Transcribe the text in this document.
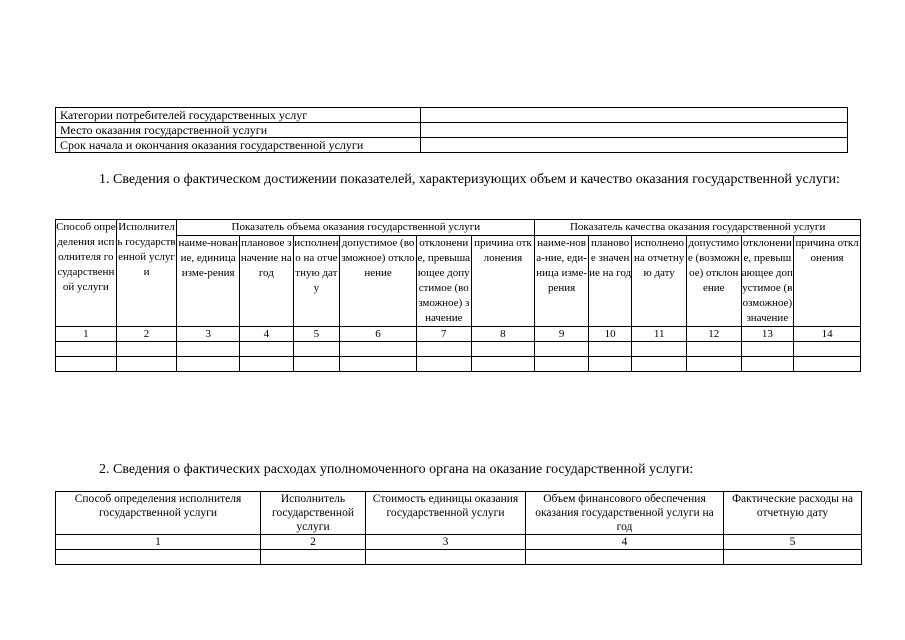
Категории потребителей государственных услуг	
Место оказания государственной услуги	
Срок начала и окончания оказания государственной услуги	

1. Сведения о фактическом достижении показателей, характеризующих объем и качество оказания государственной услуги:

Способ определения исполнителя государственной услуги	Исполнитель государственной услуги	Показатель объема оказания государственной услуги						Показатель качества оказания государственной услуги					
		наиме-нование, единица изме-рения	плановое значение на год	исполнено на отчетную дату	допустимое (возможное) отклонение	отклонение, превышающее допустимое (возможное) значение	причина отклонения	наиме-нова-ние, еди-ница изме-рения	плановое значение на год	исполнено на отчетную дату	допустимое (возможное) отклонение	отклонение, превышающее допустимое (возможное) значение	причина отклонения
1	2	3	4	5	6	7	8	9	10	11	12	13	14

2. Сведения о фактических расходах уполномоченного органа на оказание государственной услуги:

Способ определения исполнителя государственной услуги	Исполнитель государственной услуги	Стоимость единицы оказания государственной услуги	Объем финансового обеспечения оказания государственной услуги на год	Фактические расходы на отчетную дату
1	2	3	4	5
